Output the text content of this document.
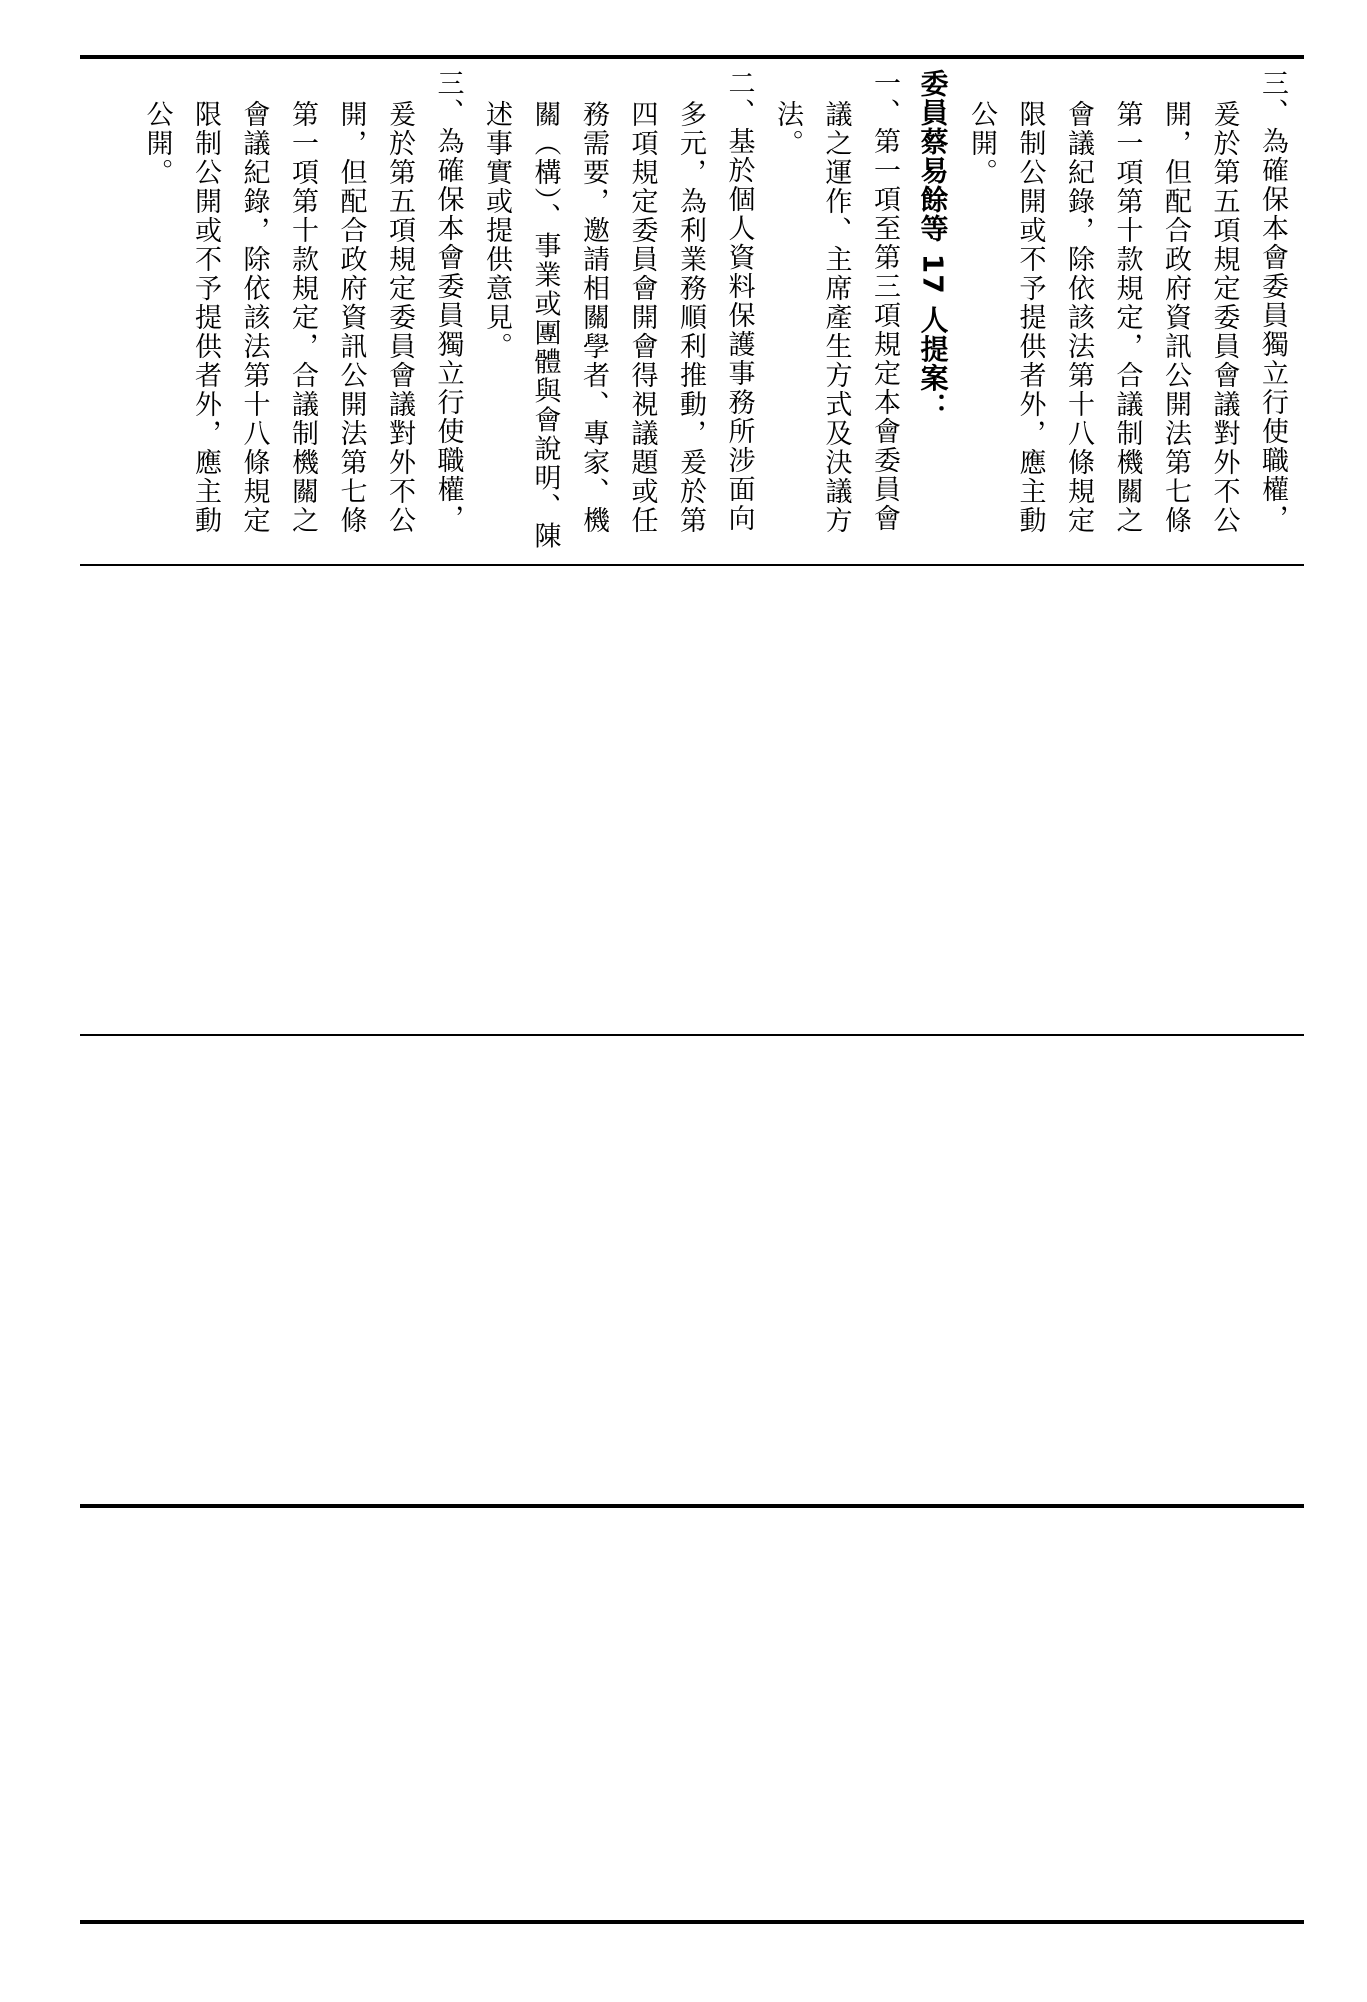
三、為確保本會委員獨立行使職權，爰於第五項規定委員會議對外不公開，但配合政府資訊公開法第七條第一項第十款規定，合議制機關之會議紀錄，除依該法第十八條規定限制公開或不予提供者外，應主動公開。
委員蔡易餘等 17 人提案：
一、第一項至第三項規定本會委員會議之運作、主席產生方式及決議方法。
二、基於個人資料保護事務所涉面向多元，為利業務順利推動，爰於第四項規定委員會開會得視議題或任務需要，邀請相關學者、專家、機關（構）、事業或團體與會說明、陳述事實或提供意見。
三、為確保本會委員獨立行使職權，爰於第五項規定委員會議對外不公開，但配合政府資訊公開法第七條第一項第十款規定，合議制機關之會議紀錄，除依該法第十八條規定限制公開或不予提供者外，應主動公開。
